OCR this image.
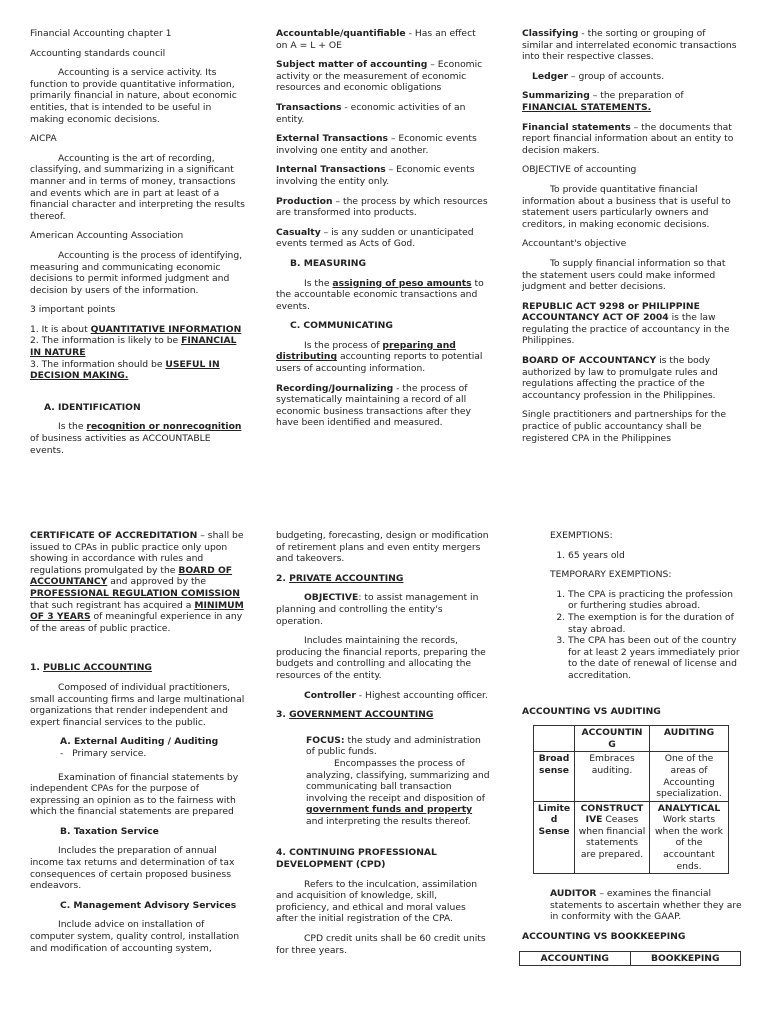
Financial Accounting chapter 1

Accounting standards council

Accounting is a service activity. Its function to provide quantitative information, primarily financial in nature, about economic entities, that is intended to be useful in making economic decisions.

AICPA

Accounting is the art of recording, classifying, and summarizing in a significant manner and in terms of money, transactions and events which are in part at least of a financial character and interpreting the results thereof.

American Accounting Association

Accounting is the process of identifying, measuring and communicating economic decisions to permit informed judgment and decision by users of the information.

3 important points

1. It is about QUANTITATIVE INFORMATION
2. The information is likely to be FINANCIAL IN NATURE
3. The information should be USEFUL IN DECISION MAKING.

A. IDENTIFICATION

Is the recognition or nonrecognition of business activities as ACCOUNTABLE events.

Accountable/quantifiable - Has an effect on A = L + OE

Subject matter of accounting – Economic activity or the measurement of economic resources and economic obligations

Transactions - economic activities of an entity.

External Transactions – Economic events involving one entity and another.

Internal Transactions – Economic events involving the entity only.

Production – the process by which resources are transformed into products.

Casualty – is any sudden or unanticipated events termed as Acts of God.

B. MEASURING

Is the assigning of peso amounts to the accountable economic transactions and events.

C. COMMUNICATING

Is the process of preparing and distributing accounting reports to potential users of accounting information.

Recording/Journalizing - the process of systematically maintaining a record of all economic business transactions after they have been identified and measured.

Classifying - the sorting or grouping of similar and interrelated economic transactions into their respective classes.

Ledger – group of accounts.

Summarizing – the preparation of FINANCIAL STATEMENTS.

Financial statements – the documents that report financial information about an entity to decision makers.

OBJECTIVE of accounting

To provide quantitative financial information about a business that is useful to statement users particularly owners and creditors, in making economic decisions.

Accountant's objective

To supply financial information so that the statement users could make informed judgment and better decisions.

REPUBLIC ACT 9298 or PHILIPPINE ACCOUNTANCY ACT OF 2004 is the law regulating the practice of accountancy in the Philippines.

BOARD OF ACCOUNTANCY is the body authorized by law to promulgate rules and regulations affecting the practice of the accountancy profession in the Philippines.

Single practitioners and partnerships for the practice of public accountancy shall be registered CPA in the Philippines

CERTIFICATE OF ACCREDITATION – shall be issued to CPAs in public practice only upon showing in accordance with rules and regulations promulgated by the BOARD OF ACCOUNTANCY and approved by the PROFESSIONAL REGULATION COMISSION that such registrant has acquired a MINIMUM OF 3 YEARS of meaningful experience in any of the areas of public practice.

1. PUBLIC ACCOUNTING

Composed of individual practitioners, small accounting firms and large multinational organizations that render independent and expert financial services to the public.

A. External Auditing / Auditing

-   Primary service.

Examination of financial statements by independent CPAs for the purpose of expressing an opinion as to the fairness with which the financial statements are prepared

B. Taxation Service

Includes the preparation of annual income tax returns and determination of tax consequences of certain proposed business endeavors.

C. Management Advisory Services

Include advice on installation of computer system, quality control, installation and modification of accounting system,

budgeting, forecasting, design or modification of retirement plans and even entity mergers and takeovers.

2. PRIVATE ACCOUNTING

OBJECTIVE: to assist management in planning and controlling the entity's operation.

Includes maintaining the records, producing the financial reports, preparing the budgets and controlling and allocating the resources of the entity.

Controller - Highest accounting officer.

3. GOVERNMENT ACCOUNTING

FOCUS: the study and administration of public funds.

Encompasses the process of analyzing, classifying, summarizing and communicating ball transaction involving the receipt and disposition of government funds and property and interpreting the results thereof.

4. CONTINUING PROFESSIONAL DEVELOPMENT (CPD)

Refers to the inculcation, assimilation and acquisition of knowledge, skill, proficiency, and ethical and moral values after the initial registration of the CPA.

CPD credit units shall be 60 credit units for three years.

EXEMPTIONS:

1. 65 years old

TEMPORARY EXEMPTIONS:

1. The CPA is practicing the profession or furthering studies abroad.
2. The exemption is for the duration of stay abroad.
3. The CPA has been out of the country for at least 2 years immediately prior to the date of renewal of license and accreditation.

ACCOUNTING VS AUDITING

	ACCOUNTIN G	AUDITING
Broad sense	Embraces auditing.	One of the areas of Accounting specialization.
Limite d Sense	CONSTRUCT IVE Ceases when financial statements are prepared.	ANALYTICAL Work starts when the work of the accountant ends.

AUDITOR – examines the financial statements to ascertain whether they are in conformity with the GAAP.

ACCOUNTING VS BOOKKEEPING

ACCOUNTING	BOOKKEPING
